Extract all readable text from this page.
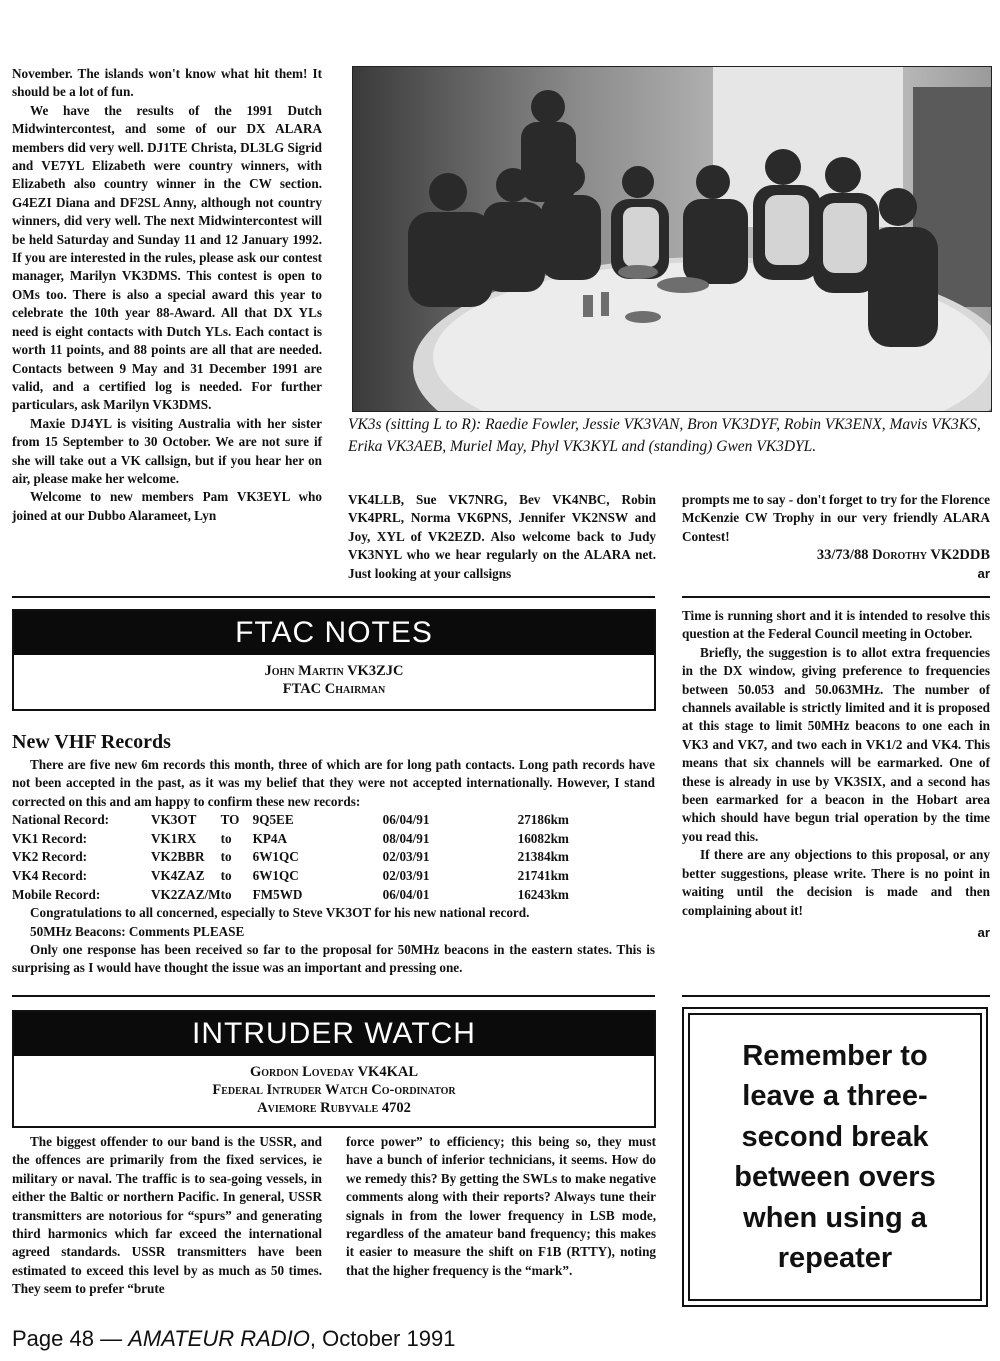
November. The islands won't know what hit them! It should be a lot of fun.

We have the results of the 1991 Dutch Midwintercontest, and some of our DX ALARA members did very well. DJ1TE Christa, DL3LG Sigrid and VE7YL Elizabeth were country winners, with Elizabeth also country winner in the CW section. G4EZI Diana and DF2SL Anny, although not country winners, did very well. The next Midwintercontest will be held Saturday and Sunday 11 and 12 January 1992. If you are interested in the rules, please ask our contest manager, Marilyn VK3DMS. This contest is open to OMs too. There is also a special award this year to celebrate the 10th year 88-Award. All that DX YLs need is eight contacts with Dutch YLs. Each contact is worth 11 points, and 88 points are all that are needed. Contacts between 9 May and 31 December 1991 are valid, and a certified log is needed. For further particulars, ask Marilyn VK3DMS.

Maxie DJ4YL is visiting Australia with her sister from 15 September to 30 October. We are not sure if she will take out a VK callsign, but if you hear her on air, please make her welcome.

Welcome to new members Pam VK3EYL who joined at our Dubbo Alarameet, Lyn

VK3s (sitting L to R): Raedie Fowler, Jessie VK3VAN, Bron VK3DYF, Robin VK3ENX, Mavis VK3KS, Erika VK3AEB, Muriel May, Phyl VK3KYL and (standing) Gwen VK3DYL.

VK4LLB, Sue VK7NRG, Bev VK4NBC, Robin VK4PRL, Norma VK6PNS, Jennifer VK2NSW and Joy, XYL of VK2EZD. Also welcome back to Judy VK3NYL who we hear regularly on the ALARA net. Just looking at your callsigns

prompts me to say - don't forget to try for the Florence McKenzie CW Trophy in our very friendly ALARA Contest!

33/73/88 Dorothy VK2DDB
ar
FTAC NOTES
John Martin VK3ZJC
FTAC Chairman
New VHF Records
There are five new 6m records this month, three of which are for long path contacts. Long path records have not been accepted in the past, as it was my belief that they were not accepted internationally. However, I stand corrected on this and am happy to confirm these new records:
National Record:	VK3OT	TO	9Q5EE	06/04/91	27186km
VK1 Record:	VK1RX	to	KP4A	08/04/91	16082km
VK2 Record:	VK2BBR	to	6W1QC	02/03/91	21384km
VK4 Record:	VK4ZAZ	to	6W1QC	02/03/91	21741km
Mobile Record:	VK2ZAZ/M	to	FM5WD	06/04/01	16243km
Congratulations to all concerned, especially to Steve VK3OT for his new national record.
50MHz Beacons: Comments PLEASE
Only one response has been received so far to the proposal for 50MHz beacons in the eastern states. This is surprising as I would have thought the issue was an important and pressing one.

Time is running short and it is intended to resolve this question at the Federal Council meeting in October.

Briefly, the suggestion is to allot extra frequencies in the DX window, giving preference to frequencies between 50.053 and 50.063MHz. The number of channels available is strictly limited and it is proposed at this stage to limit 50MHz beacons to one each in VK3 and VK7, and two each in VK1/2 and VK4. This means that six channels will be earmarked. One of these is already in use by VK3SIX, and a second has been earmarked for a beacon in the Hobart area which should have begun trial operation by the time you read this.

If there are any objections to this proposal, or any better suggestions, please write. There is no point in waiting until the decision is made and then complaining about it!

ar
INTRUDER WATCH
Gordon Loveday VK4KAL
Federal Intruder Watch Co-ordinator
Aviemore Rubyvale 4702
The biggest offender to our band is the USSR, and the offences are primarily from the fixed services, ie military or naval. The traffic is to sea-going vessels, in either the Baltic or northern Pacific. In general, USSR transmitters are notorious for “spurs” and generating third harmonics which far exceed the international agreed standards. USSR transmitters have been estimated to exceed this level by as much as 50 times. They seem to prefer “brute
force power” to efficiency; this being so, they must have a bunch of inferior technicians, it seems. How do we remedy this? By getting the SWLs to make negative comments along with their reports? Always tune their signals in from the lower frequency in LSB mode, regardless of the amateur band frequency; this makes it easier to measure the shift on F1B (RTTY), noting that the higher frequency is the “mark”.
Remember to leave a three-second break between overs when using a repeater
Page 48 — AMATEUR RADIO, October 1991
